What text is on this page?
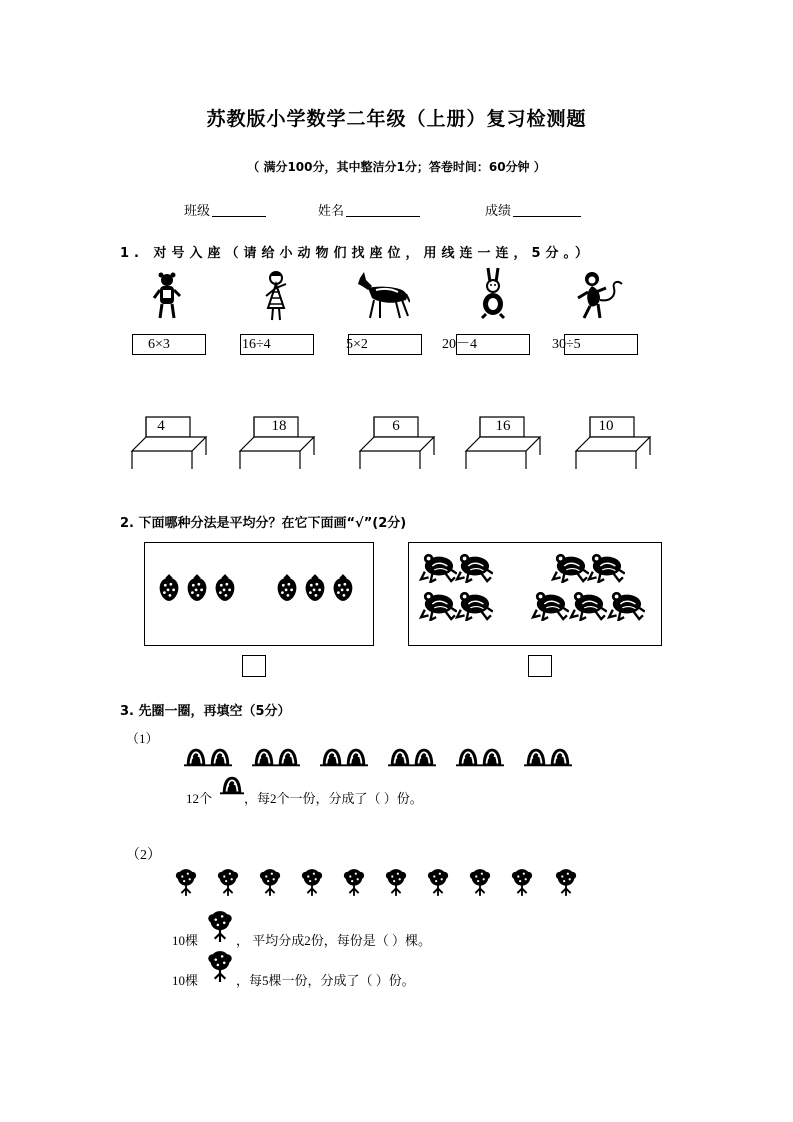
苏教版小学数学二年级（上册）复习检测题
（ 满分100分，其中整洁分1分；答卷时间：60分钟 ）
班级	姓名	成绩
1. 对号入座（请给小动物们找座位，用线连一连，5分。）
6×3	16÷4	5×2	20－4	30÷5
4	18	6	16	10
2. 下面哪种分法是平均分？在它下面画“√”(2分)
3. 先圈一圈，再填空（5分）
（1）
12个 ，每2个一份，分成了（ ）份。
（2）
10棵	， 平均分成2份，每份是（ ）棵。
10棵	，每5棵一份，分成了（ ）份。
